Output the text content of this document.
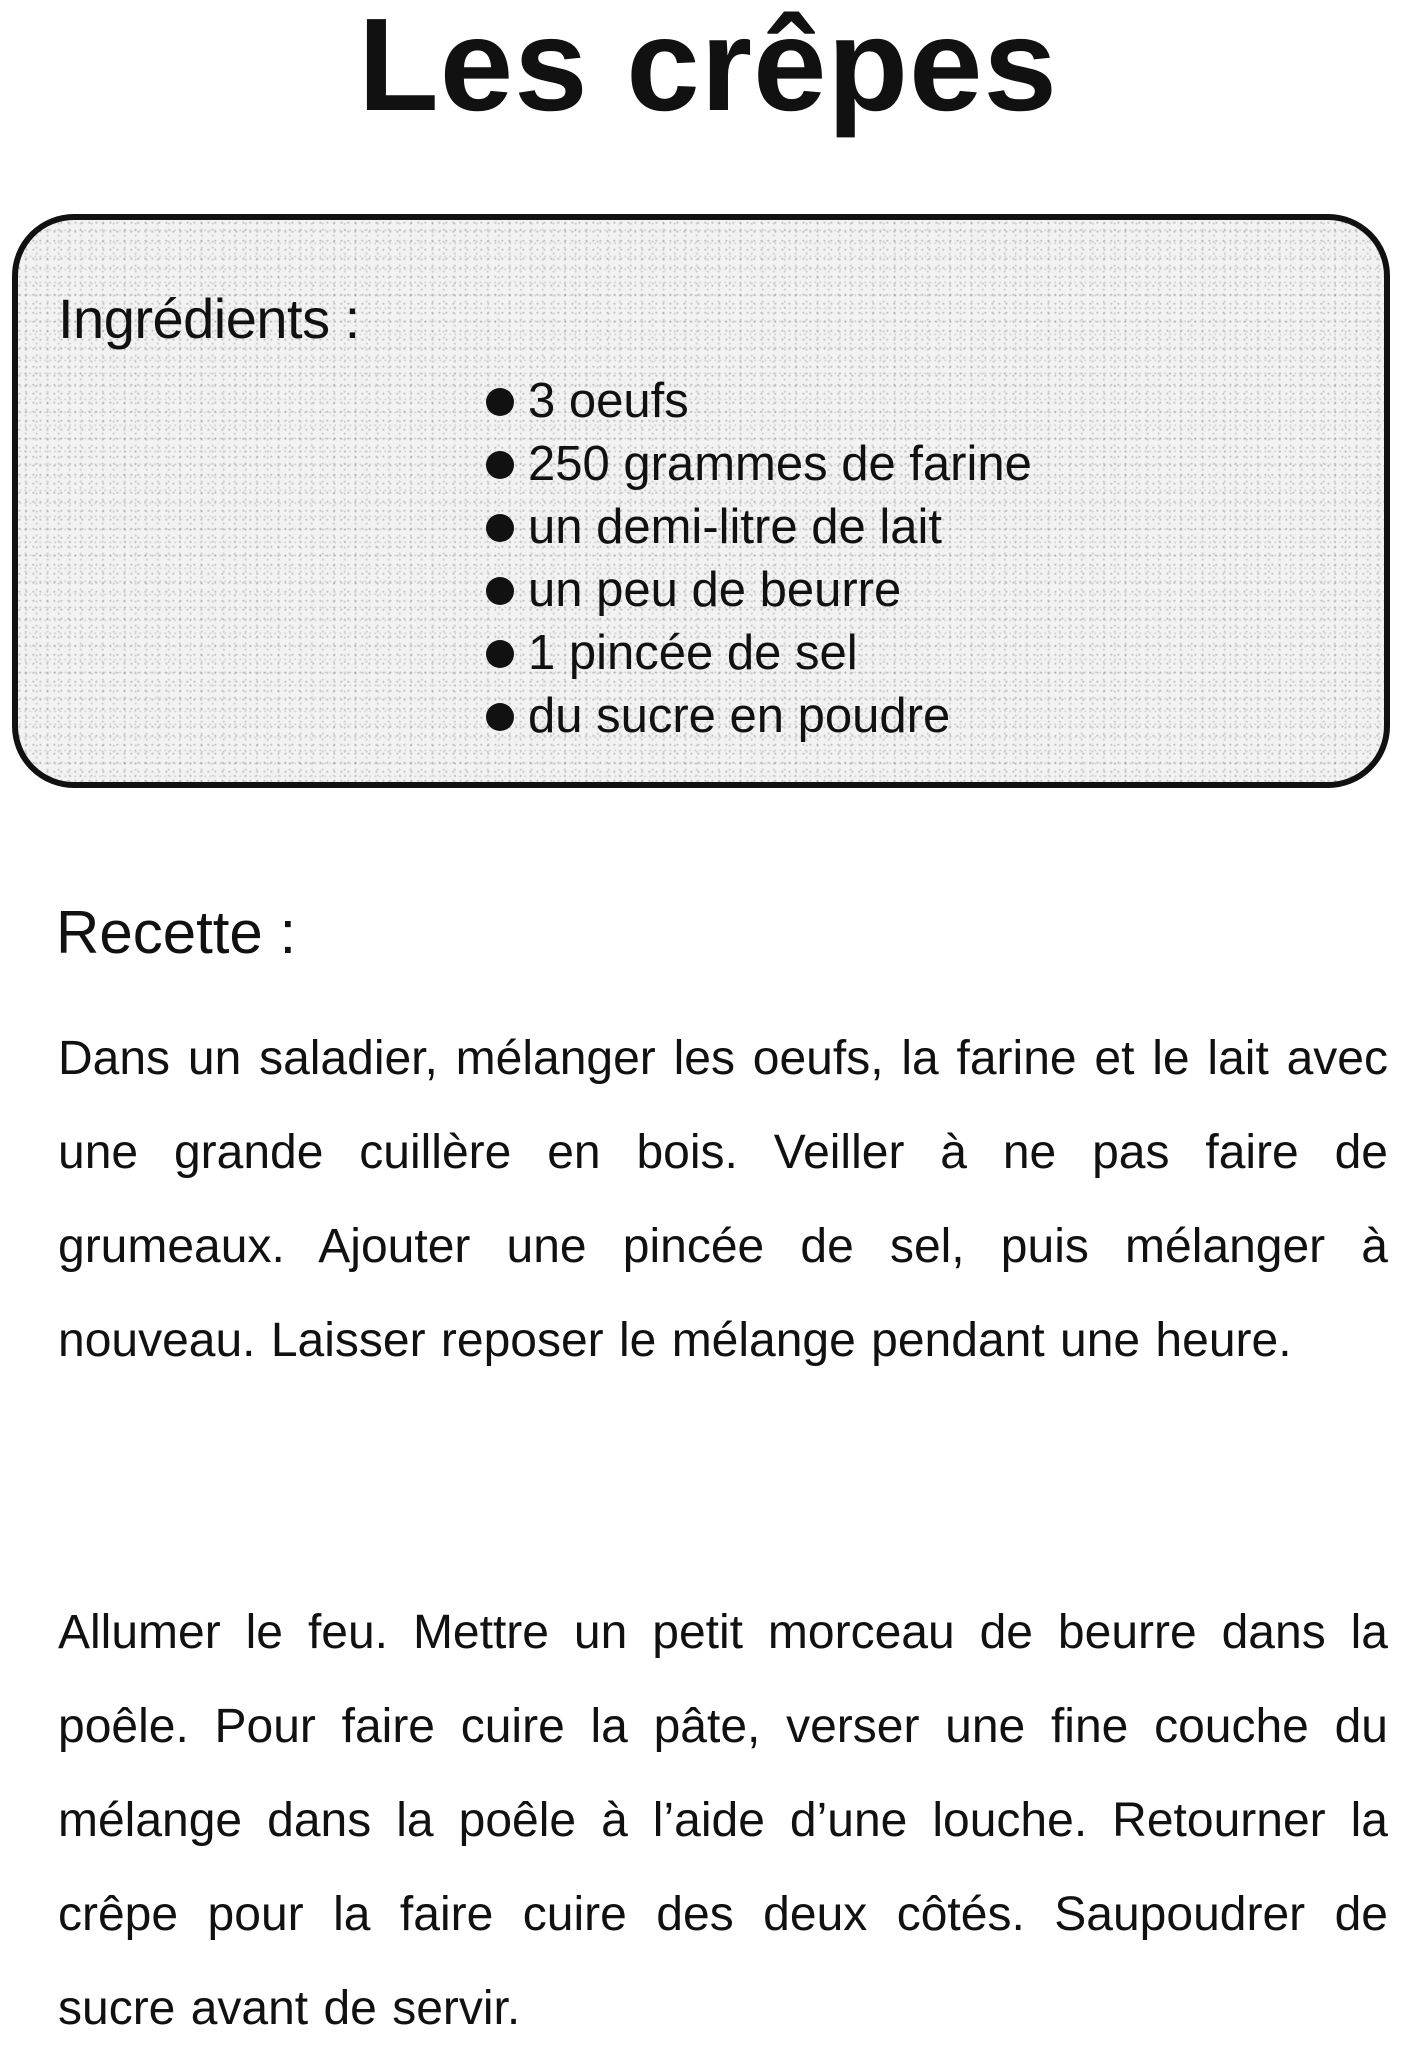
Les crêpes
Ingrédients :
3 oeufs
250 grammes de farine
un demi-litre de lait
un peu de beurre
1 pincée de sel
du sucre en poudre
Recette :

Dans un saladier, mélanger les oeufs, la farine et le lait avec une grande cuillère en bois. Veiller à ne pas faire de grumeaux. Ajouter une pincée de sel, puis mélanger à nouveau. Laisser reposer le mélange pendant une heure.

Allumer le feu. Mettre un petit morceau de beurre dans la poêle. Pour faire cuire la pâte, verser une fine couche du mélange dans la poêle à l’aide d’une louche. Retourner la crêpe pour la faire cuire des deux côtés. Saupoudrer de sucre avant de servir.
